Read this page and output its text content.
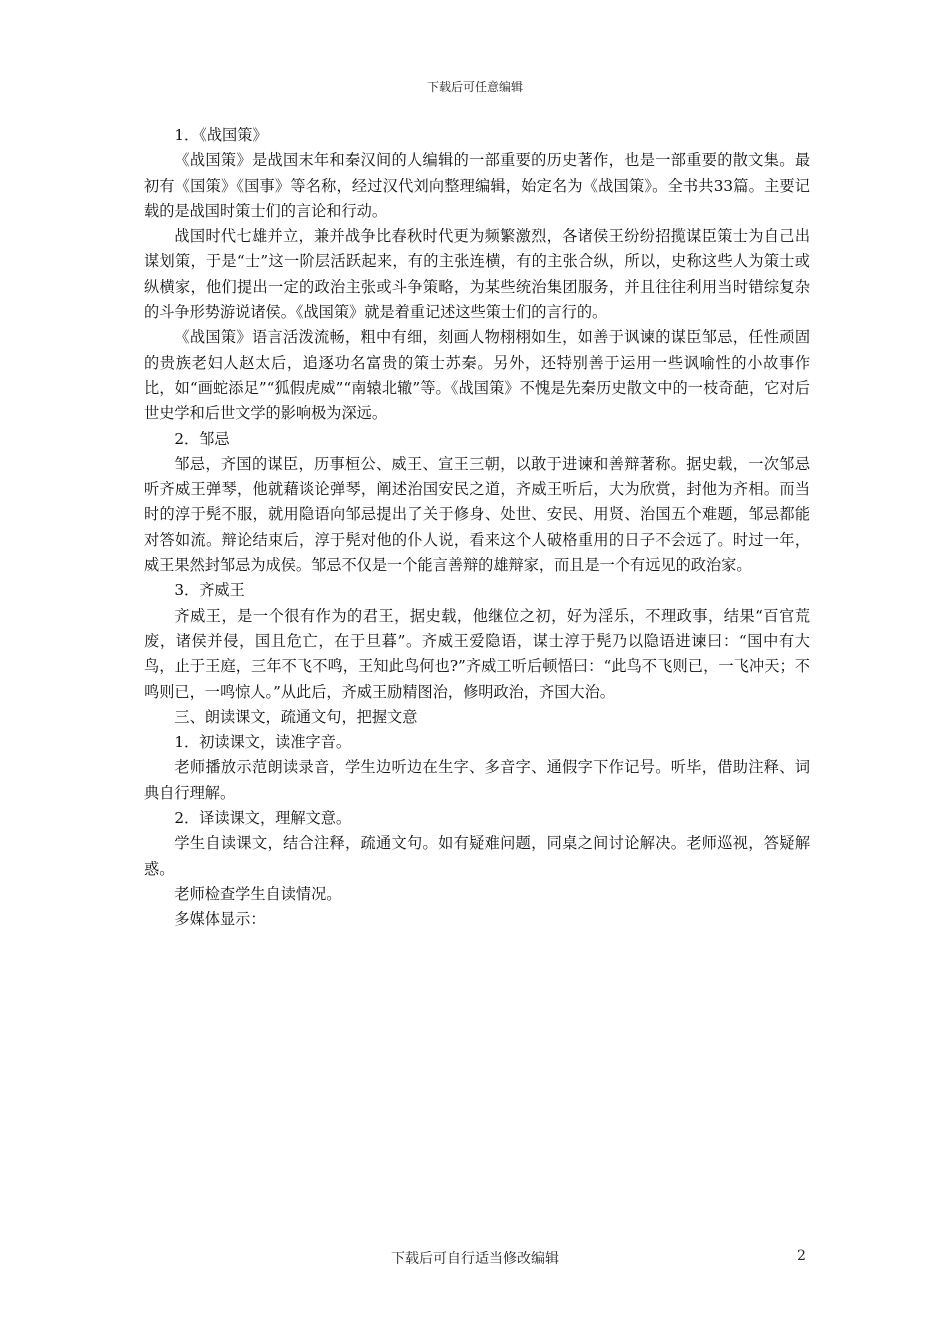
下载后可任意编辑

1．《战国策》

《战国策》是战国末年和秦汉间的人编辑的一部重要的历史著作，也是一部重要的散文集。最初有《国策》《国事》等名称，经过汉代刘向整理编辑，始定名为《战国策》。全书共33篇。主要记载的是战国时策士们的言论和行动。

战国时代七雄并立，兼并战争比春秋时代更为频繁激烈，各诸侯王纷纷招揽谋臣策士为自己出谋划策，于是“士”这一阶层活跃起来，有的主张连横，有的主张合纵，所以，史称这些人为策士或纵横家，他们提出一定的政治主张或斗争策略，为某些统治集团服务，并且往往利用当时错综复杂的斗争形势游说诸侯。《战国策》就是着重记述这些策士们的言行的。

《战国策》语言活泼流畅，粗中有细，刻画人物栩栩如生，如善于讽谏的谋臣邹忌，任性顽固的贵族老妇人赵太后，追逐功名富贵的策士苏秦。另外，还特别善于运用一些讽喻性的小故事作比，如“画蛇添足”“狐假虎威”“南辕北辙”等。《战国策》不愧是先秦历史散文中的一枝奇葩，它对后世史学和后世文学的影响极为深远。

2．邹忌

邹忌，齐国的谋臣，历事桓公、威王、宣王三朝，以敢于进谏和善辩著称。据史载，一次邹忌听齐威王弹琴，他就藉谈论弹琴，阐述治国安民之道，齐威王听后，大为欣赏，封他为齐相。而当时的淳于髡不服，就用隐语向邹忌提出了关于修身、处世、安民、用贤、治国五个难题，邹忌都能对答如流。辩论结束后，淳于髡对他的仆人说，看来这个人破格重用的日子不会远了。时过一年，威王果然封邹忌为成侯。邹忌不仅是一个能言善辩的雄辩家，而且是一个有远见的政治家。

3．齐威王

齐威王，是一个很有作为的君王，据史载，他继位之初，好为淫乐，不理政事，结果“百官荒废，诸侯并侵，国且危亡，在于旦暮”。齐威王爱隐语，谋士淳于髡乃以隐语进谏曰：“国中有大鸟，止于王庭，三年不飞不鸣，王知此鸟何也?”齐威工听后顿悟曰：“此鸟不飞则已，一飞冲天；不鸣则已，一鸣惊人。”从此后，齐威王励精图治，修明政治，齐国大治。

三、朗读课文，疏通文句，把握文意

1．初读课文，读准字音。

老师播放示范朗读录音，学生边听边在生字、多音字、通假字下作记号。听毕，借助注释、词典自行理解。

2．译读课文，理解文意。

学生自读课文，结合注释，疏通文句。如有疑难问题，同桌之间讨论解决。老师巡视，答疑解惑。

老师检查学生自读情况。

多媒体显示：

下载后可自行适当修改编辑	2
